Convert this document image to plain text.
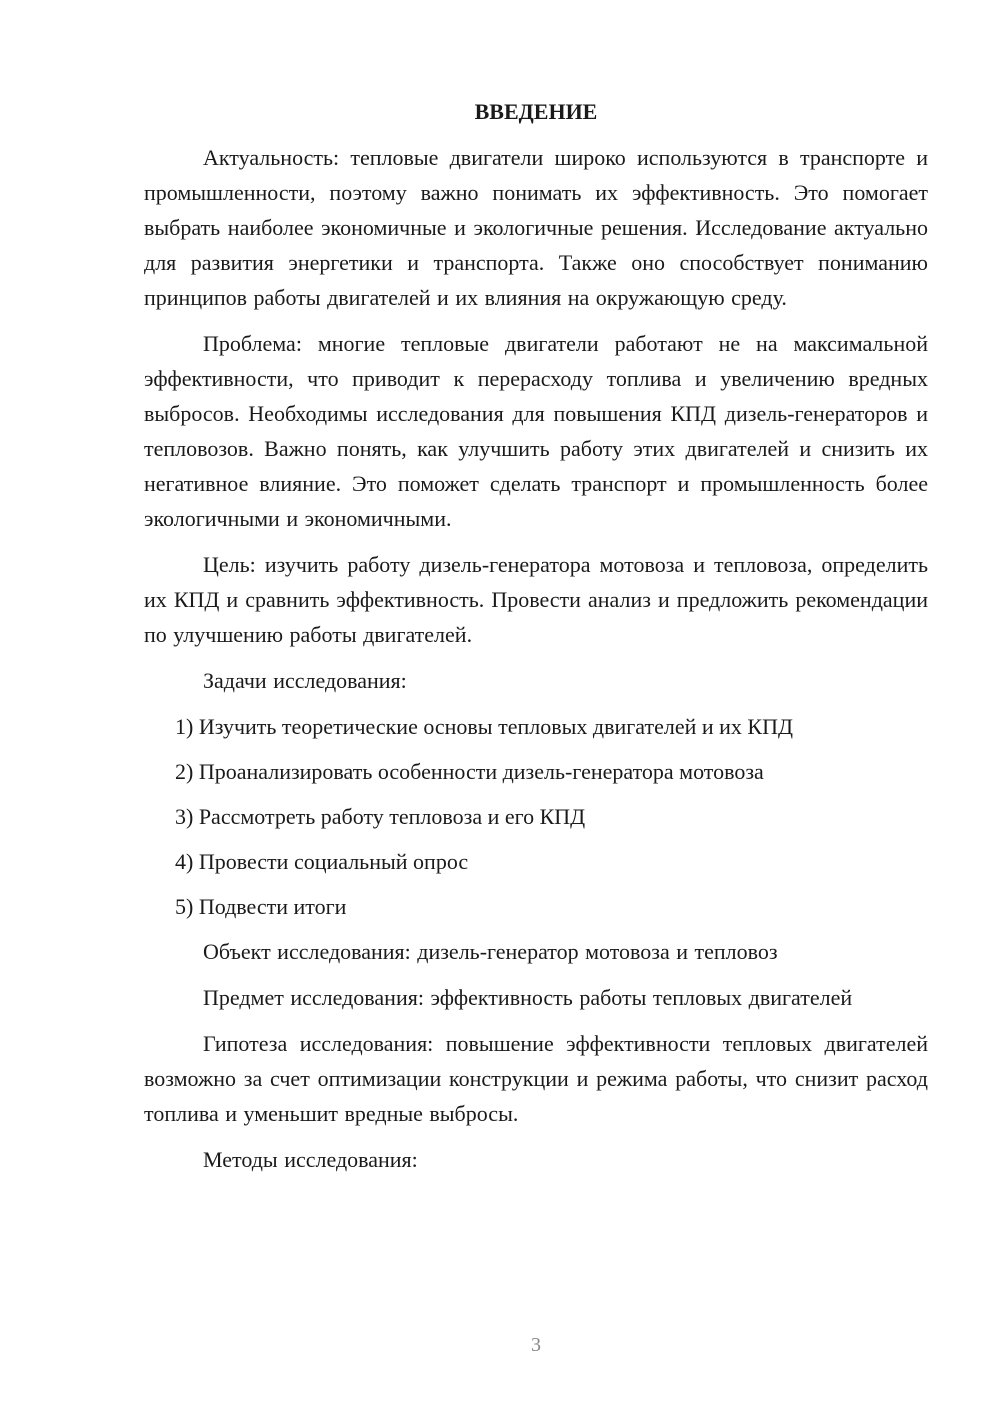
ВВЕДЕНИЕ

Актуальность: тепловые двигатели широко используются в транспорте и промышленности, поэтому важно понимать их эффективность. Это помогает выбрать наиболее экономичные и экологичные решения. Исследование актуально для развития энергетики и транспорта. Также оно способствует пониманию принципов работы двигателей и их влияния на окружающую среду.

Проблема: многие тепловые двигатели работают не на максимальной эффективности, что приводит к перерасходу топлива и увеличению вредных выбросов. Необходимы исследования для повышения КПД дизель-генераторов и тепловозов. Важно понять, как улучшить работу этих двигателей и снизить их негативное влияние. Это поможет сделать транспорт и промышленность более экологичными и экономичными.

Цель: изучить работу дизель-генератора мотовоза и тепловоза, определить их КПД и сравнить эффективность. Провести анализ и предложить рекомендации по улучшению работы двигателей.

Задачи исследования:

1) Изучить теоретические основы тепловых двигателей и их КПД
2) Проанализировать особенности дизель-генератора мотовоза
3) Рассмотреть работу тепловоза и его КПД
4) Провести социальный опрос
5) Подвести итоги

Объект исследования: дизель-генератор мотовоза и тепловоз

Предмет исследования: эффективность работы тепловых двигателей

Гипотеза исследования: повышение эффективности тепловых двигателей возможно за счет оптимизации конструкции и режима работы, что снизит расход топлива и уменьшит вредные выбросы.

Методы исследования:

3
